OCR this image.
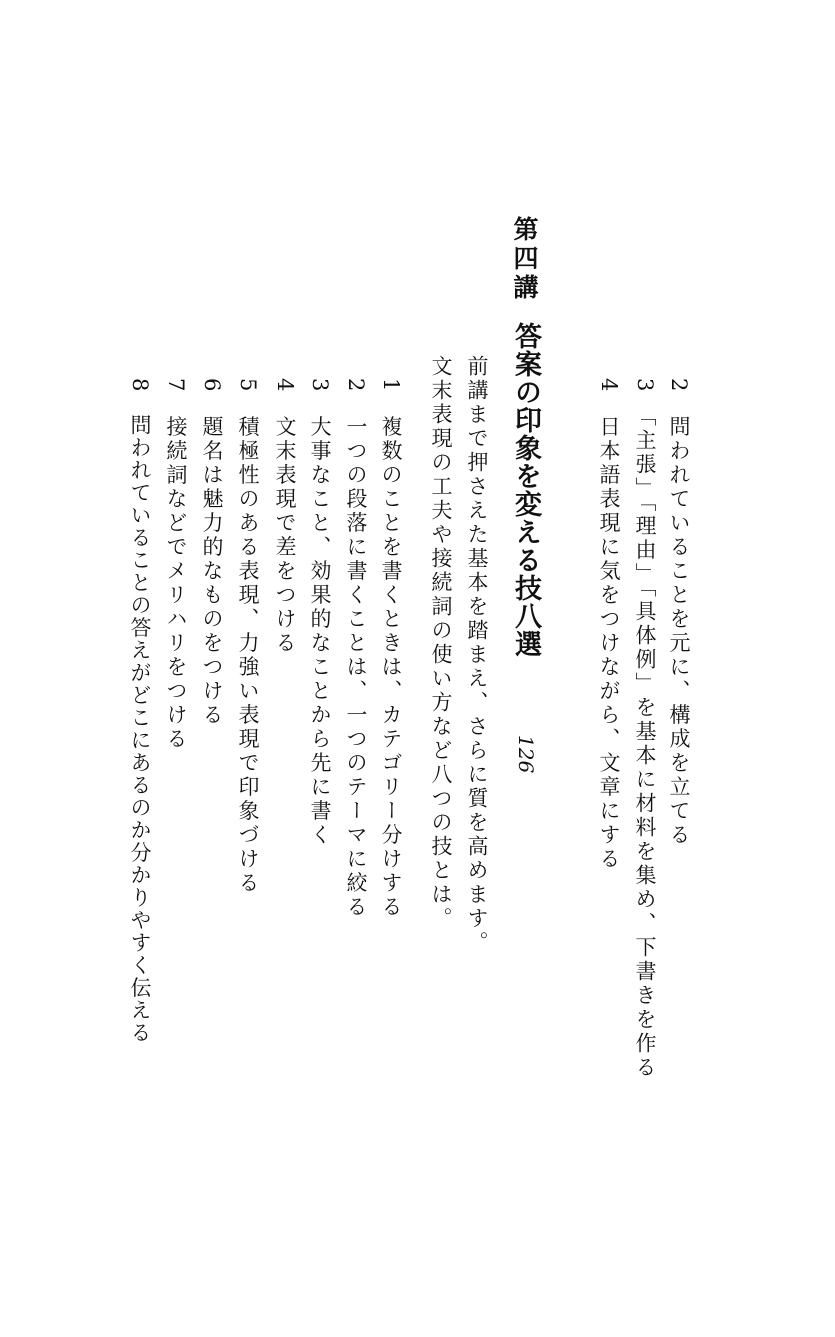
2 問われていることを元に、構成を立てる
3 「主張」「理由」「具体例」を基本に材料を集め、下書きを作る
4 日本語表現に気をつけながら、文章にする
第四講
答案の印象を変える技八選
126
前講まで押さえた基本を踏まえ、さらに質を高めます。
文末表現の工夫や接続詞の使い方など八つの技とは。
1 複数のことを書くときは、カテゴリー分けする
2 一つの段落に書くことは、一つのテーマに絞る
3 大事なこと、効果的なことから先に書く
4 文末表現で差をつける
5 積極性のある表現、力強い表現で印象づける
6 題名は魅力的なものをつける
7 接続詞などでメリハリをつける
8 問われていることの答えがどこにあるのか分かりやすく伝える
